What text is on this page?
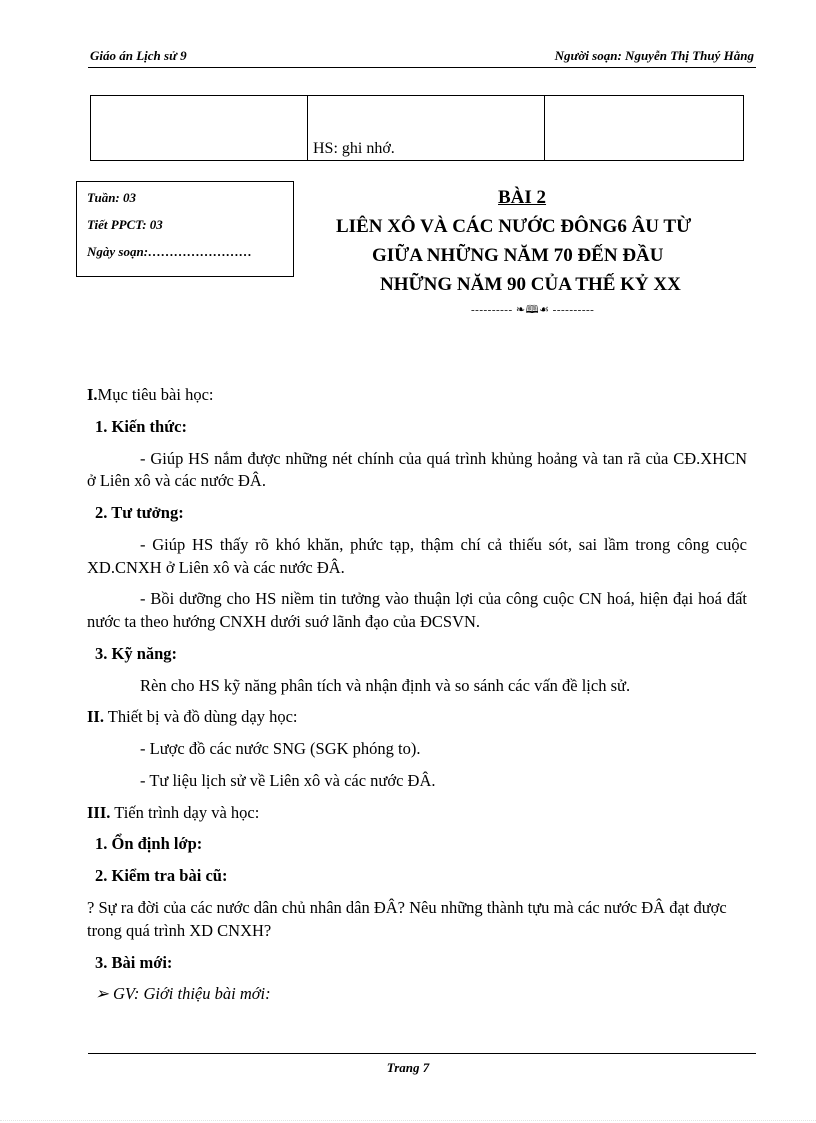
Giáo án Lịch sử 9	Người soạn: Nguyễn Thị Thuý Hằng
	HS: ghi nhớ.	
Tuần: 03
Tiết PPCT: 03
Ngày soạn:……………………
BÀI 2
LIÊN XÔ VÀ CÁC NƯỚC ĐÔNG6 ÂU TỪ
GIỮA NHỮNG NĂM 70 ĐẾN ĐẦU
NHỮNG NĂM 90 CỦA THẾ KỶ XX
---------- ❧🕮☙ ----------

I.Mục tiêu bài học:

1. Kiến thức:

- Giúp HS nắm được những nét chính của quá trình khủng hoảng và tan rã của CĐ.XHCN ở Liên xô và các nước ĐÂ.

2. Tư tưởng:

- Giúp HS thấy rõ khó khăn, phức tạp, thậm chí cả thiếu sót, sai lầm trong công cuộc XD.CNXH ở Liên xô và các nước ĐÂ.

- Bồi dưỡng cho HS niềm tin tưởng vào thuận lợi của công cuộc CN hoá, hiện đại hoá đất nước ta theo hướng CNXH dưới suớ lãnh đạo của ĐCSVN.

3. Kỹ năng:

Rèn cho HS kỹ năng phân tích và nhận định và so sánh các vấn đề lịch sử.

II. Thiết bị và đồ dùng dạy học:

- Lược đồ các nước SNG (SGK phóng to).

- Tư liệu lịch sử về Liên xô và các nước ĐÂ.

III. Tiến trình dạy và học:

1. Ổn định lớp:

2. Kiểm tra bài cũ:

? Sự ra đời của các nước dân chủ nhân dân ĐÂ? Nêu những thành tựu mà các nước ĐÂ đạt được trong quá trình XD CNXH?

3. Bài mới:

➢ GV: Giới thiệu bài mới:

Trang 7
